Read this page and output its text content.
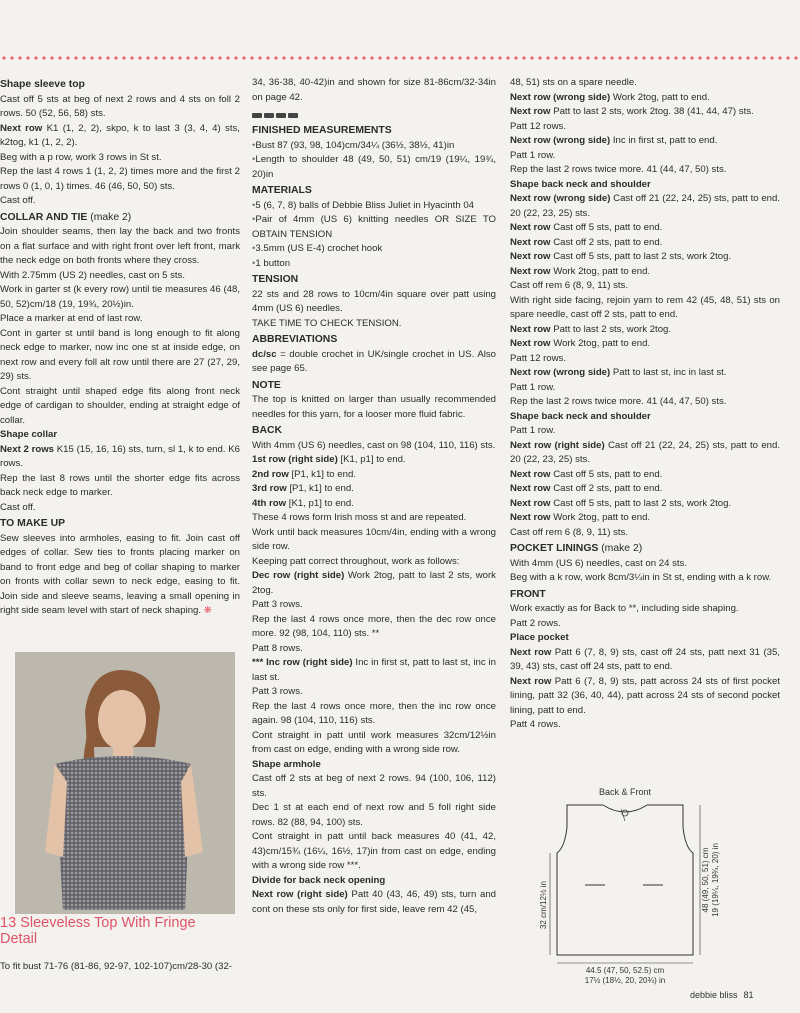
Shape sleeve top

Cast off 5 sts at beg of next 2 rows and 4 sts on foll 2 rows. 50 (52, 56, 58) sts.

Next row K1 (1, 2, 2), skpo, k to last 3 (3, 4, 4) sts, k2tog, k1 (1, 2, 2).

Beg with a p row, work 3 rows in St st.

Rep the last 4 rows 1 (1, 2, 2) times more and the first 2 rows 0 (1, 0, 1) times. 46 (46, 50, 50) sts.

Cast off.

COLLAR AND TIE (make 2)

Join shoulder seams, then lay the back and two fronts on a flat surface and with right front over left front, mark the neck edge on both fronts where they cross.

With 2.75mm (US 2) needles, cast on 5 sts.

Work in garter st (k every row) until tie measures 46 (48, 50, 52)cm/18 (19, 19¾, 20½)in.

Place a marker at end of last row.

Cont in garter st until band is long enough to fit along neck edge to marker, now inc one st at inside edge, on next row and every foll alt row until there are 27 (27, 29, 29) sts.

Cont straight until shaped edge fits along front neck edge of cardigan to shoulder, ending at straight edge of collar.

Shape collar

Next 2 rows K15 (15, 16, 16) sts, turn, sl 1, k to end. K6 rows.

Rep the last 8 rows until the shorter edge fits across back neck edge to marker.

Cast off.

TO MAKE UP

Sew sleeves into armholes, easing to fit. Join cast off edges of collar. Sew ties to fronts placing marker on band to front edge and beg of collar shaping to marker on fronts with collar sewn to neck edge, easing to fit. Join side and sleeve seams, leaving a small opening in right side seam level with start of neck shaping. ❋

34, 36-38, 40-42)in and shown for size 81-86cm/32-34in on page 42.

FINISHED MEASUREMENTS

• Bust 87 (93, 98, 104)cm/34¼ (36½, 38½, 41)in

• Length to shoulder 48 (49, 50, 51) cm/19 (19¼, 19¾, 20)in

MATERIALS

• 5 (6, 7, 8) balls of Debbie Bliss Juliet in Hyacinth 04

• Pair of 4mm (US 6) knitting needles OR SIZE TO OBTAIN TENSION

• 3.5mm (US E-4) crochet hook

• 1 button

TENSION

22 sts and 28 rows to 10cm/4in square over patt using 4mm (US 6) needles.

TAKE TIME TO CHECK TENSION.

ABBREVIATIONS

dc/sc = double crochet in UK/single crochet in US. Also see page 65.

NOTE

The top is knitted on larger than usually recommended needles for this yarn, for a looser more fluid fabric.

BACK

With 4mm (US 6) needles, cast on 98 (104, 110, 116) sts.

1st row (right side) [K1, p1] to end.

2nd row [P1, k1] to end.

3rd row [P1, k1] to end.

4th row [K1, p1] to end.

These 4 rows form Irish moss st and are repeated.

Work until back measures 10cm/4in, ending with a wrong side row.

Keeping patt correct throughout, work as follows:

Dec row (right side) Work 2tog, patt to last 2 sts, work 2tog.

Patt 3 rows.

Rep the last 4 rows once more, then the dec row once more. 92 (98, 104, 110) sts. **

Patt 8 rows.

*** Inc row (right side) Inc in first st, patt to last st, inc in last st.

Patt 3 rows.

Rep the last 4 rows once more, then the inc row once again. 98 (104, 110, 116) sts.

Cont straight in patt until work measures 32cm/12½in from cast on edge, ending with a wrong side row.

Shape armhole

Cast off 2 sts at beg of next 2 rows. 94 (100, 106, 112) sts.

Dec 1 st at each end of next row and 5 foll right side rows. 82 (88, 94, 100) sts.

Cont straight in patt until back measures 40 (41, 42, 43)cm/15¾ (16¼, 16½, 17)in from cast on edge, ending with a wrong side row ***.

Divide for back neck opening

Next row (right side) Patt 40 (43, 46, 49) sts, turn and cont on these sts only for first side, leave rem 42 (45,

48, 51) sts on a spare needle.

Next row (wrong side) Work 2tog, patt to end.

Next row Patt to last 2 sts, work 2tog. 38 (41, 44, 47) sts.

Patt 12 rows.

Next row (wrong side) Inc in first st, patt to end.

Patt 1 row.

Rep the last 2 rows twice more. 41 (44, 47, 50) sts.

Shape back neck and shoulder

Next row (wrong side) Cast off 21 (22, 24, 25) sts, patt to end. 20 (22, 23, 25) sts.

Next row Cast off 5 sts, patt to end.

Next row Cast off 2 sts, patt to end.

Next row Cast off 5 sts, patt to last 2 sts, work 2tog.

Next row Work 2tog, patt to end.

Cast off rem 6 (8, 9, 11) sts.

With right side facing, rejoin yarn to rem 42 (45, 48, 51) sts on spare needle, cast off 2 sts, patt to end.

Next row Patt to last 2 sts, work 2tog.

Next row Work 2tog, patt to end.

Patt 12 rows.

Next row (wrong side) Patt to last st, inc in last st.

Patt 1 row.

Rep the last 2 rows twice more. 41 (44, 47, 50) sts.

Shape back neck and shoulder

Patt 1 row.

Next row (right side) Cast off 21 (22, 24, 25) sts, patt to end. 20 (22, 23, 25) sts.

Next row Cast off 5 sts, patt to end.

Next row Cast off 2 sts, patt to end.

Next row Cast off 5 sts, patt to last 2 sts, work 2tog.

Next row Work 2tog, patt to end.

Cast off rem 6 (8, 9, 11) sts.

POCKET LININGS (make 2)

With 4mm (US 6) needles, cast on 24 sts.

Beg with a k row, work 8cm/3¼in in St st, ending with a k row.

FRONT

Work exactly as for Back to **, including side shaping.

Patt 2 rows.

Place pocket

Next row Patt 6 (7, 8, 9) sts, cast off 24 sts, patt next 31 (35, 39, 43) sts, cast off 24 sts, patt to end.

Next row Patt 6 (7, 8, 9) sts, patt across 24 sts of first pocket lining, patt 32 (36, 40, 44), patt across 24 sts of second pocket lining, patt to end.

Patt 4 rows.

13 Sleeveless Top With Fringe
Detail

To fit bust 71-76 (81-86, 92-97, 102-107)cm/28-30 (32-

Back & Front
32 cm/12½ in	48 (49, 50, 51) cm 19 (19¼, 19¾, 20) in
44.5 (47, 50, 52.5) cm
17½ (18½, 20, 20¾) in
debbie bliss 81
